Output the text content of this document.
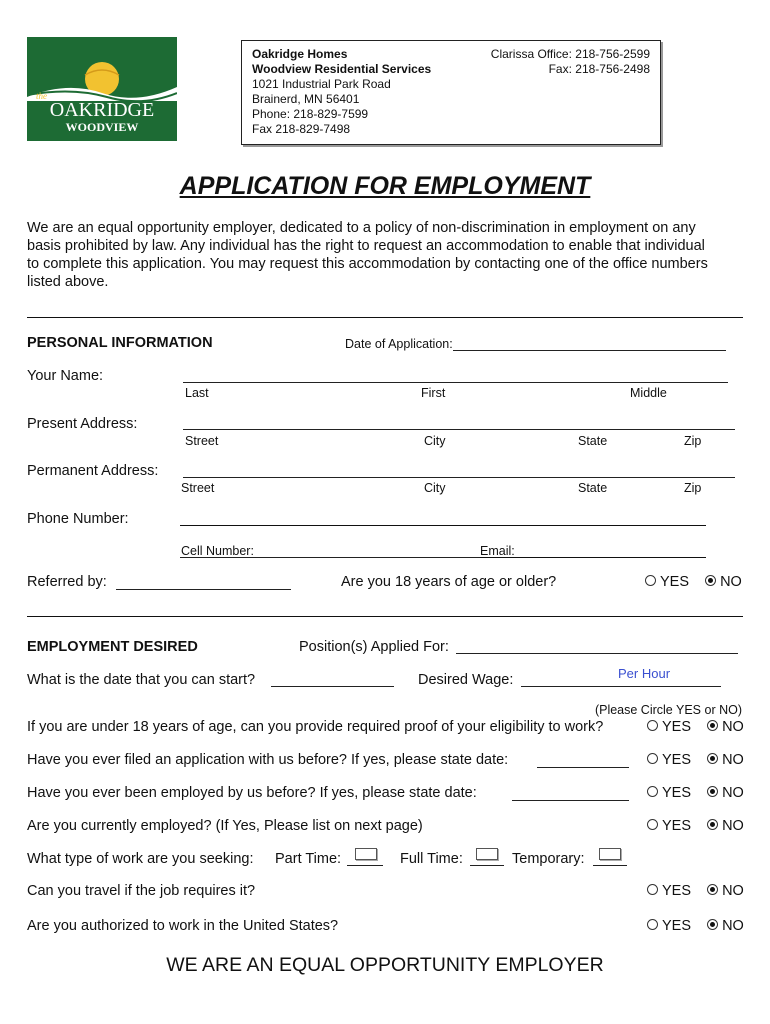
the
OAKRIDGE
WOODVIEW
Oakridge Homes
Woodview Residential Services
1021 Industrial Park Road
Brainerd, MN 56401
Phone: 218-829-7599
Fax 218-829-7498
Clarissa Office: 218-756-2599
Fax: 218-756-2498
APPLICATION FOR EMPLOYMENT
We are an equal opportunity employer, dedicated to a policy of non-discrimination in employment on any
basis prohibited by law. Any individual has the right to request an accommodation to enable that individual
to complete this application. You may request this accommodation by contacting one of the office numbers
listed above.
PERSONAL INFORMATION	Date of Application:
Your Name:
Last	First	Middle
Present Address:
Street	City	State	Zip
Permanent Address:
Street	City	State	Zip
Phone Number:
Cell Number:	Email:
Referred by:	Are you 18 years of age or older?	YES NO
EMPLOYMENT DESIRED	Position(s) Applied For:
What is the date that you can start?	Desired Wage:	Per Hour
(Please Circle YES or NO)
If you are under 18 years of age, can you provide required proof of your eligibility to work?	YES NO
Have you ever filed an application with us before? If yes, please state date:	YES NO
Have you ever been employed by us before? If yes, please state date:	YES NO
Are you currently employed? (If Yes, Please list on next page)	YES NO
What type of work are you seeking: Part Time:	Full Time:	Temporary:
Can you travel if the job requires it?	YES NO
Are you authorized to work in the United States?	YES NO
WE ARE AN EQUAL OPPORTUNITY EMPLOYER
